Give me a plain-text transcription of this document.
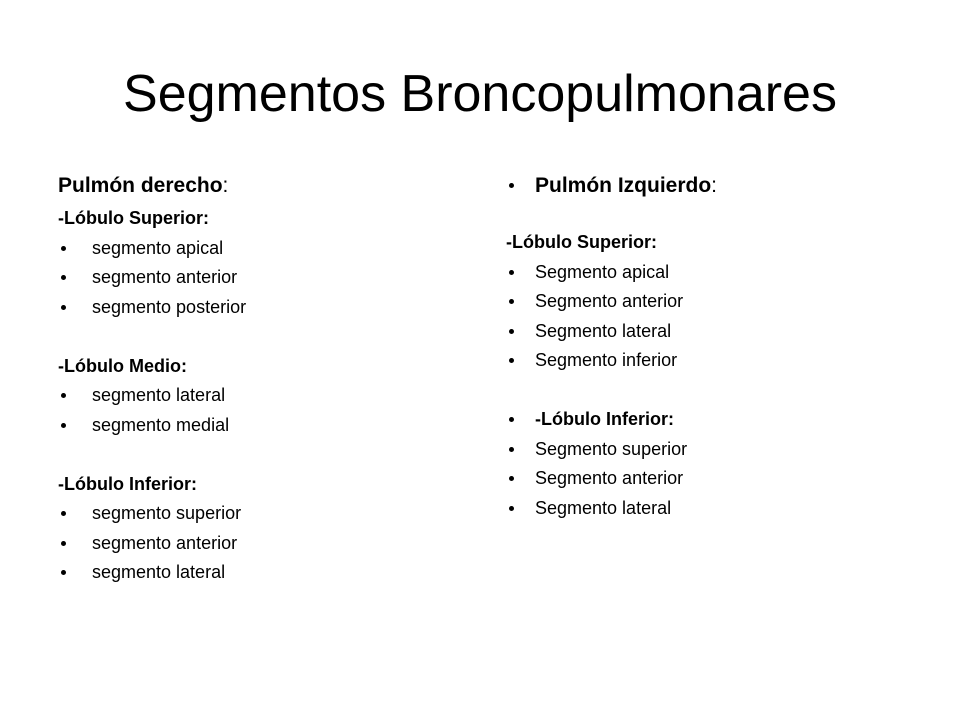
Segmentos Broncopulmonares
Pulmón derecho:
-Lóbulo Superior:
segmento apical
segmento anterior
segmento posterior
-Lóbulo Medio:
segmento lateral
segmento medial
-Lóbulo Inferior:
segmento superior
segmento anterior
segmento lateral
Pulmón Izquierdo:
-Lóbulo Superior:
Segmento apical
Segmento anterior
Segmento lateral
Segmento inferior
-Lóbulo Inferior:
Segmento superior
Segmento anterior
Segmento lateral
